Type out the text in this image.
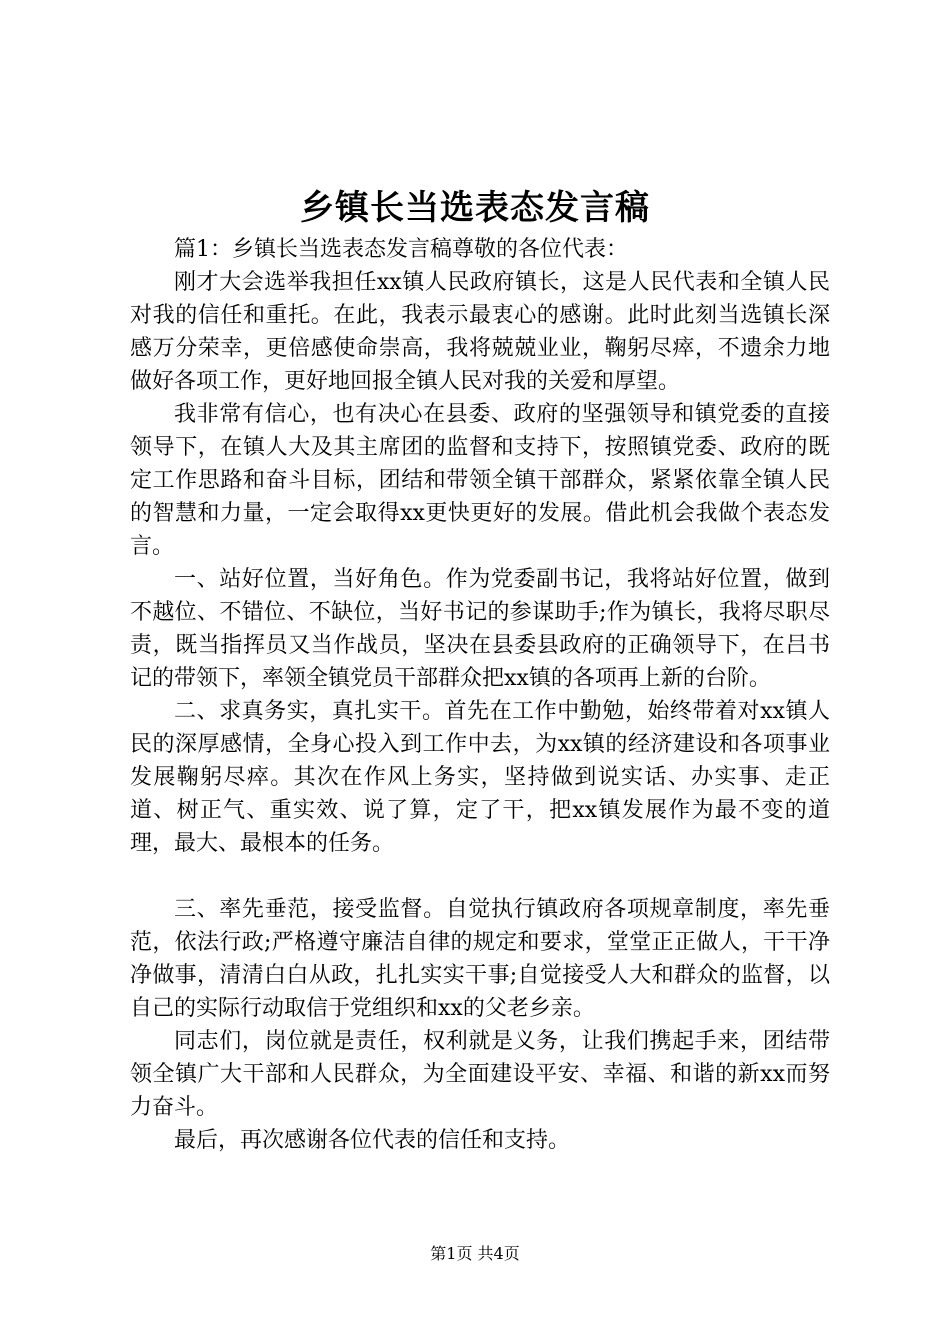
乡镇长当选表态发言稿

篇1：乡镇长当选表态发言稿尊敬的各位代表：

刚才大会选举我担任xx镇人民政府镇长，这是人民代表和全镇人民对我的信任和重托。在此，我表示最衷心的感谢。此时此刻当选镇长深感万分荣幸，更倍感使命崇高，我将兢兢业业，鞠躬尽瘁，不遗余力地做好各项工作，更好地回报全镇人民对我的关爱和厚望。

我非常有信心，也有决心在县委、政府的坚强领导和镇党委的直接领导下，在镇人大及其主席团的监督和支持下，按照镇党委、政府的既定工作思路和奋斗目标，团结和带领全镇干部群众，紧紧依靠全镇人民的智慧和力量，一定会取得xx更快更好的发展。借此机会我做个表态发言。

一、站好位置，当好角色。作为党委副书记，我将站好位置，做到不越位、不错位、不缺位，当好书记的参谋助手;作为镇长，我将尽职尽责，既当指挥员又当作战员，坚决在县委县政府的正确领导下，在吕书记的带领下，率领全镇党员干部群众把xx镇的各项再上新的台阶。

二、求真务实，真扎实干。首先在工作中勤勉，始终带着对xx镇人民的深厚感情，全身心投入到工作中去，为xx镇的经济建设和各项事业发展鞠躬尽瘁。其次在作风上务实，坚持做到说实话、办实事、走正道、树正气、重实效、说了算，定了干，把xx镇发展作为最不变的道理，最大、最根本的任务。

三、率先垂范，接受监督。自觉执行镇政府各项规章制度，率先垂范，依法行政;严格遵守廉洁自律的规定和要求，堂堂正正做人，干干净净做事，清清白白从政，扎扎实实干事;自觉接受人大和群众的监督，以自己的实际行动取信于党组织和xx的父老乡亲。

同志们，岗位就是责任，权利就是义务，让我们携起手来，团结带领全镇广大干部和人民群众，为全面建设平安、幸福、和谐的新xx而努力奋斗。

最后，再次感谢各位代表的信任和支持。

第1页 共4页
